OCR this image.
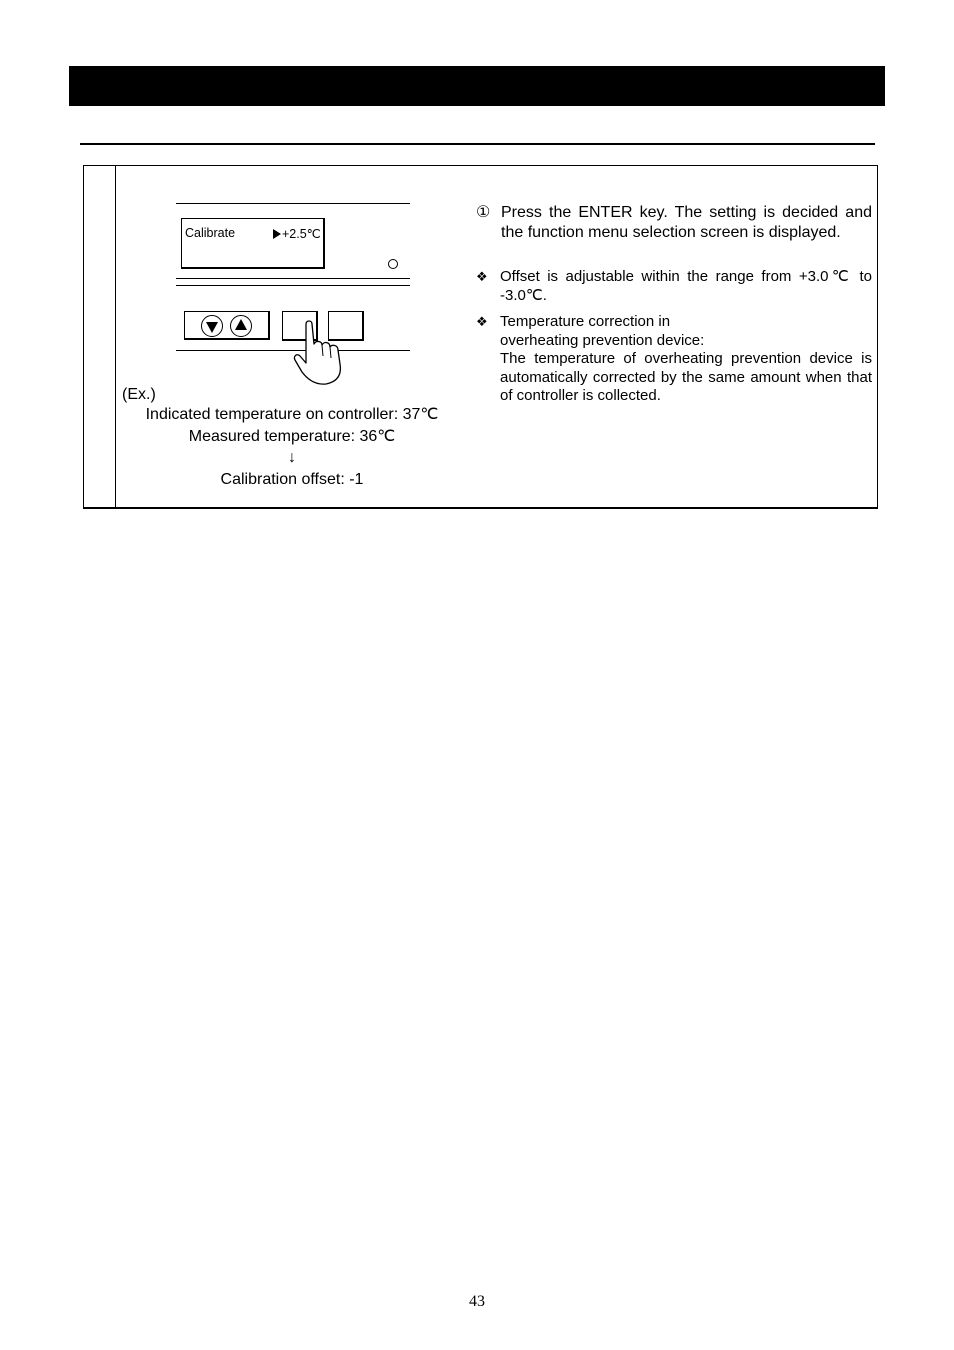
Calibrate	+2.5℃
(Ex.)
Indicated temperature on controller: 37℃
Measured temperature: 36℃
↓
Calibration offset: -1
① Press the ENTER key. The setting is decided and the function menu selection screen is displayed.
❖ Offset is adjustable within the range from +3.0℃ to -3.0℃.
❖ Temperature correction in
overheating prevention device:
The temperature of overheating prevention device is automatically corrected by the same amount when that of controller is collected.
43
